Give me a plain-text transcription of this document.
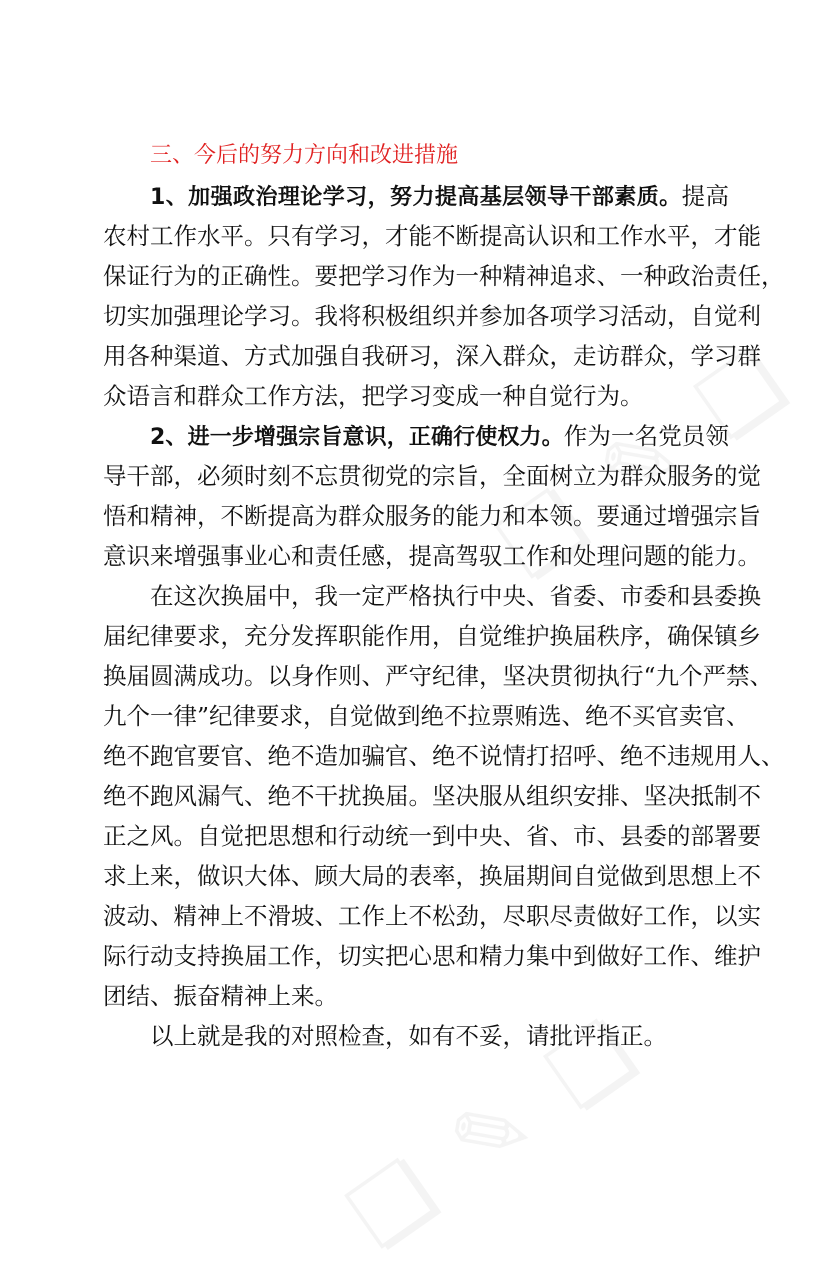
三、今后的努力方向和改进措施
1、加强政治理论学习，努力提高基层领导干部素质。提高
农村工作水平。只有学习，才能不断提高认识和工作水平，才能
保证行为的正确性。要把学习作为一种精神追求、一种政治责任，
切实加强理论学习。我将积极组织并参加各项学习活动，自觉利
用各种渠道、方式加强自我研习，深入群众，走访群众，学习群
众语言和群众工作方法，把学习变成一种自觉行为。
2、进一步增强宗旨意识，正确行使权力。作为一名党员领
导干部，必须时刻不忘贯彻党的宗旨，全面树立为群众服务的觉
悟和精神，不断提高为群众服务的能力和本领。要通过增强宗旨
意识来增强事业心和责任感，提高驾驭工作和处理问题的能力。
在这次换届中，我一定严格执行中央、省委、市委和县委换
届纪律要求，充分发挥职能作用，自觉维护换届秩序，确保镇乡
换届圆满成功。以身作则、严守纪律，坚决贯彻执行“九个严禁、
九个一律”纪律要求，自觉做到绝不拉票贿选、绝不买官卖官、
绝不跑官要官、绝不造加骗官、绝不说情打招呼、绝不违规用人、
绝不跑风漏气、绝不干扰换届。坚决服从组织安排、坚决抵制不
正之风。自觉把思想和行动统一到中央、省、市、县委的部署要
求上来，做识大体、顾大局的表率，换届期间自觉做到思想上不
波动、精神上不滑坡、工作上不松劲，尽职尽责做好工作，以实
际行动支持换届工作，切实把心思和精力集中到做好工作、维护
团结、振奋精神上来。
以上就是我的对照检查，如有不妥，请批评指正。
